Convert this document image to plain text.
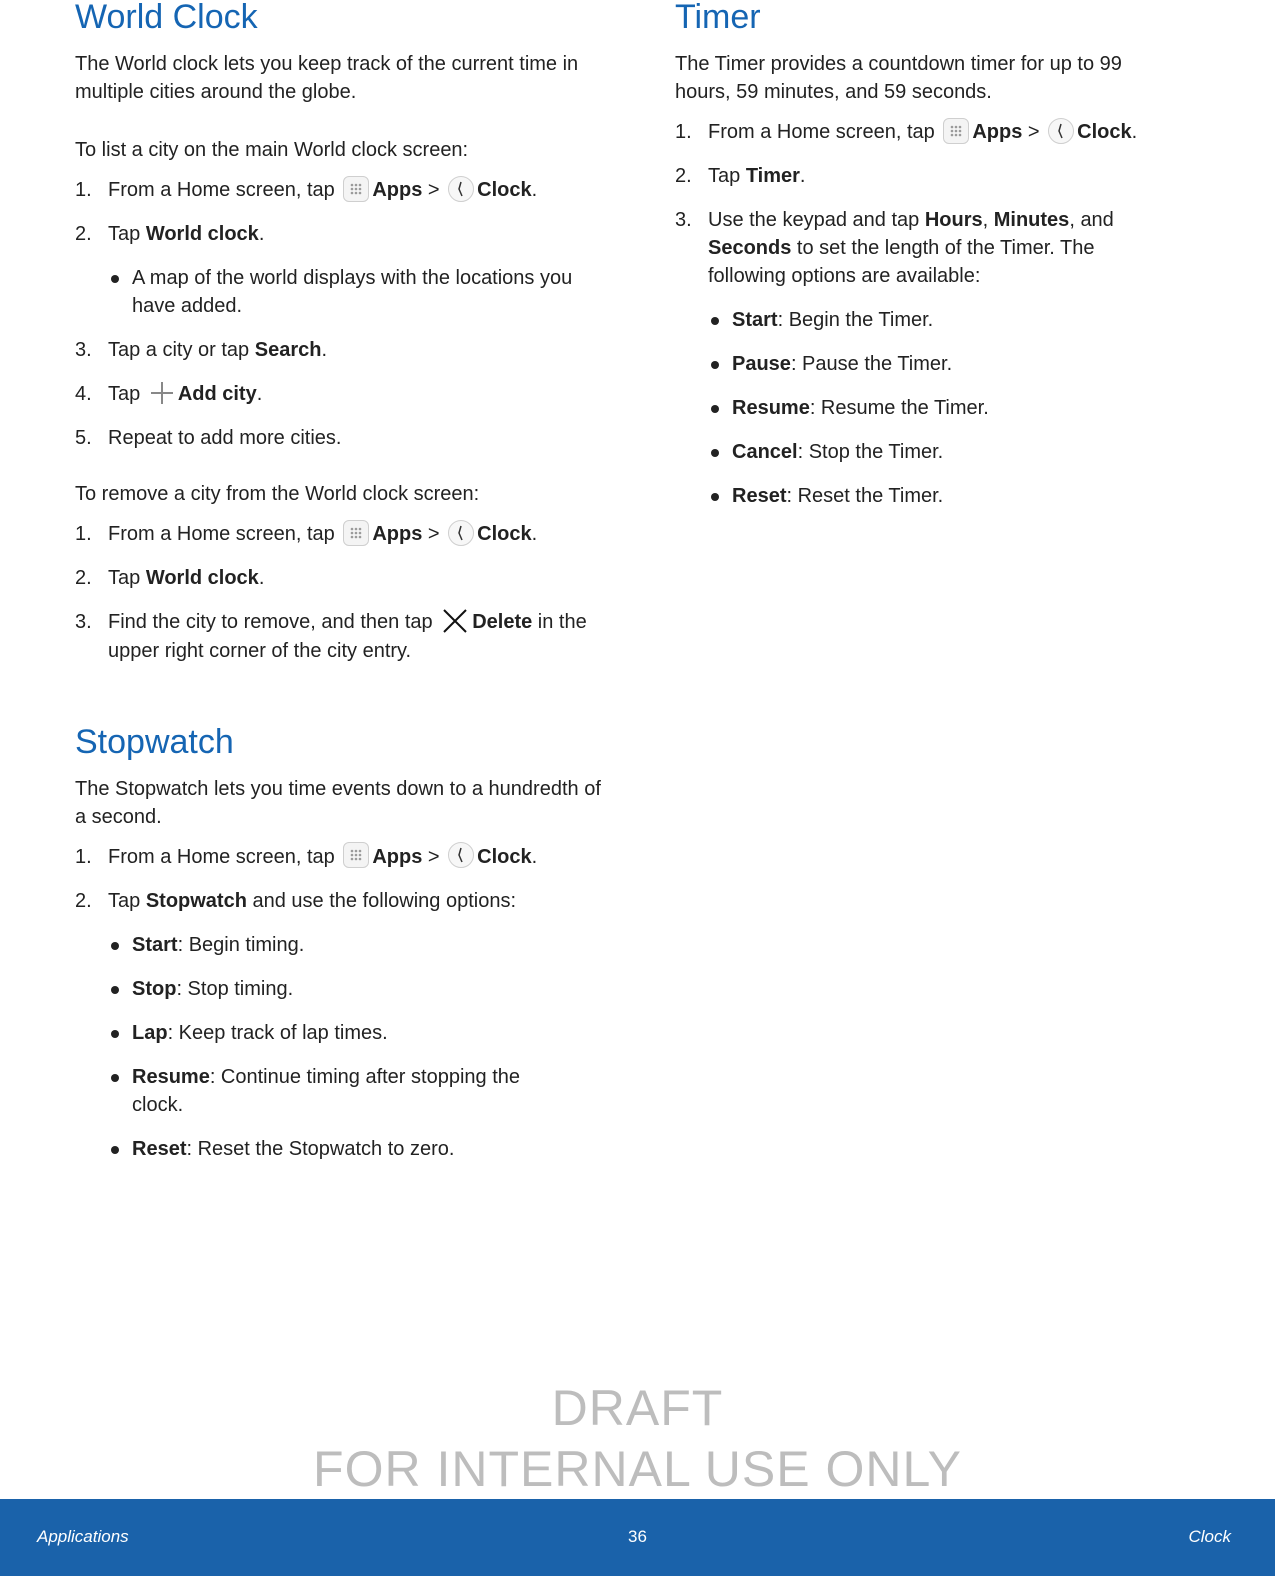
World Clock

The World clock lets you keep track of the current time in multiple cities around the globe.

To list a city on the main World clock screen:

1. From a Home screen, tap Apps > Clock.
2. Tap World clock.
A map of the world displays with the locations you have added.
3. Tap a city or tap Search.
4. Tap Add city.
5. Repeat to add more cities.

To remove a city from the World clock screen:

1. From a Home screen, tap Apps > Clock.
2. Tap World clock.
3. Find the city to remove, and then tap Delete in the upper right corner of the city entry.
Stopwatch

The Stopwatch lets you time events down to a hundredth of a second.

1. From a Home screen, tap Apps > Clock.
2. Tap Stopwatch and use the following options:
Start: Begin timing.
Stop: Stop timing.
Lap: Keep track of lap times.
Resume: Continue timing after stopping the clock.
Reset: Reset the Stopwatch to zero.
Timer

The Timer provides a countdown timer for up to 99 hours, 59 minutes, and 59 seconds.

1. From a Home screen, tap Apps > Clock.
2. Tap Timer.
3. Use the keypad and tap Hours, Minutes, and Seconds to set the length of the Timer. The following options are available:
Start: Begin the Timer.
Pause: Pause the Timer.
Resume: Resume the Timer.
Cancel: Stop the Timer.
Reset: Reset the Timer.
DRAFT
FOR INTERNAL USE ONLY
Applications	36	Clock
